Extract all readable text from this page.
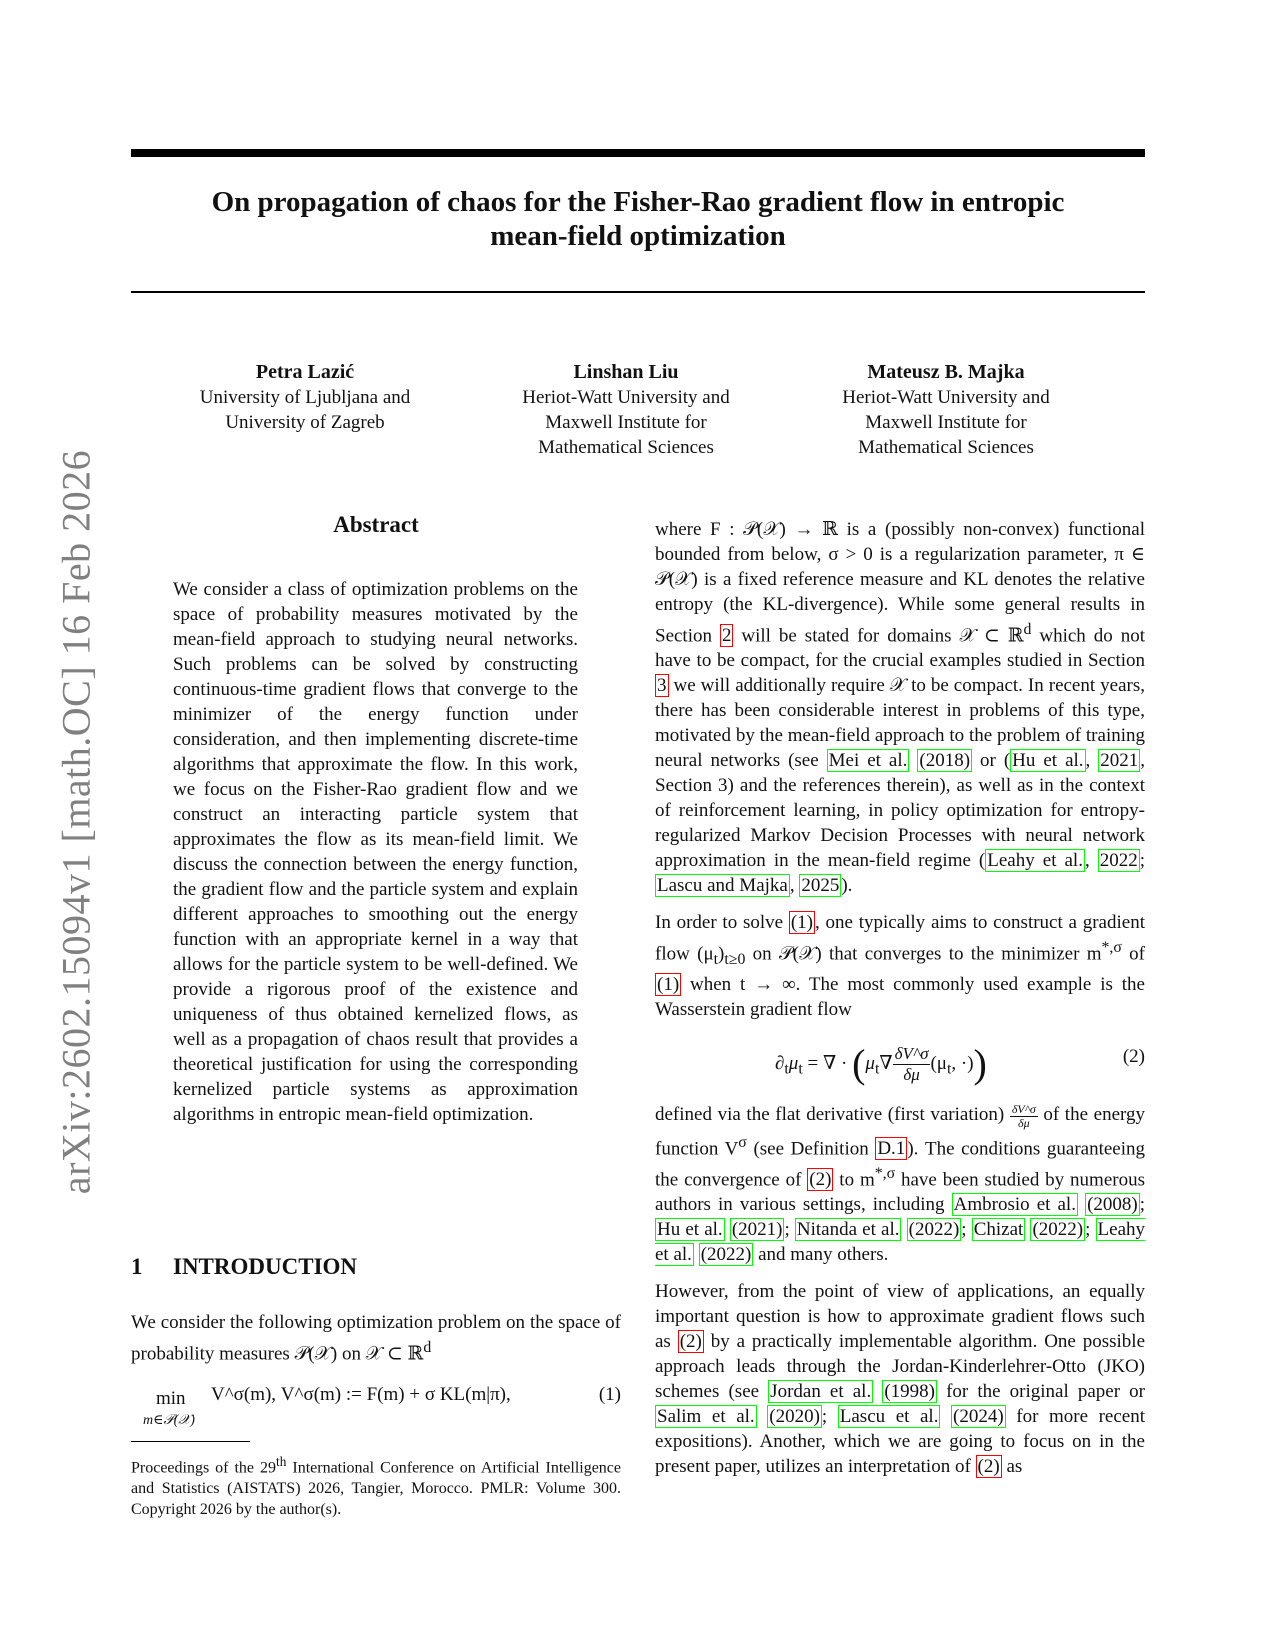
On propagation of chaos for the Fisher-Rao gradient flow in entropic
mean-field optimization
arXiv:2602.15094v1 [math.OC] 16 Feb 2026
Petra Lazić
University of Ljubljana and
University of Zagreb
Linshan Liu
Heriot-Watt University and
Maxwell Institute for
Mathematical Sciences
Mateusz B. Majka
Heriot-Watt University and
Maxwell Institute for
Mathematical Sciences
Abstract

We consider a class of optimization problems on the space of probability measures motivated by the mean-field approach to studying neural networks. Such problems can be solved by constructing continuous-time gradient flows that converge to the minimizer of the energy function under consideration, and then implementing discrete-time algorithms that approximate the flow. In this work, we focus on the Fisher-Rao gradient flow and we construct an interacting particle system that approximates the flow as its mean-field limit. We discuss the connection between the energy function, the gradient flow and the particle system and explain different approaches to smoothing out the energy function with an appropriate kernel in a way that allows for the particle system to be well-defined. We provide a rigorous proof of the existence and uniqueness of thus obtained kernelized flows, as well as a propagation of chaos result that provides a theoretical justification for using the corresponding kernelized particle systems as approximation algorithms in entropic mean-field optimization.

1 INTRODUCTION

We consider the following optimization problem on the space of probability measures 𝒫(𝒳) on 𝒳 ⊂ ℝ$^d$

min
m∈𝒫(𝒳)
V^σ(m), V^σ(m) := F(m) + σ KL(m|π),	(1)
Proceedings of the 29th International Conference on Artificial Intelligence and Statistics (AISTATS) 2026, Tangier, Morocco. PMLR: Volume 300. Copyright 2026 by the author(s).

where F : 𝒫(𝒳) → ℝ is a (possibly non-convex) functional bounded from below, σ > 0 is a regularization parameter, π ∈ 𝒫(𝒳) is a fixed reference measure and KL denotes the relative entropy (the KL-divergence). While some general results in Section 2 will be stated for domains 𝒳 ⊂ ℝ$^d$ which do not have to be compact, for the crucial examples studied in Section 3 we will additionally require 𝒳 to be compact. In recent years, there has been considerable interest in problems of this type, motivated by the mean-field approach to the problem of training neural networks (see Mei et al. (2018) or ( Hu et al. , 2021 , Section 3) and the references therein), as well as in the context of reinforcement learning, in policy optimization for entropy-regularized Markov Decision Processes with neural network approximation in the mean-field regime ( Leahy et al. , 2022 ; Lascu and Majka , 2025 ).

In order to solve (1) , one typically aims to construct a gradient flow $(\mu_t)_{t\ge 0}$ on 𝒫(𝒳) that converges to the minimizer $m^{*,\sigma}$ of (1) when t → ∞. The most commonly used example is the Wasserstein gradient flow

$\partial_t\mu_t$ = ∇ · ($\mu_t\nabla \frac{\delta V\^{}\sigma}{\delta\mu} (\mu_t$, ·))	(2)

defined via the flat derivative (first variation) $\frac{\delta V\^{}\sigma}{\delta\mu}$ of the energy function $V^\sigma$ (see Definition D.1 ). The conditions guaranteeing the convergence of (2) to $m^{*,\sigma}$ have been studied by numerous authors in various settings, including Ambrosio et al. (2008) ; Hu et al. (2021) ; Nitanda et al. (2022) ; Chizat (2022) ; Leahy et al. (2022) and many others.

However, from the point of view of applications, an equally important question is how to approximate gradient flows such as (2) by a practically implementable algorithm. One possible approach leads through the Jordan-Kinderlehrer-Otto (JKO) schemes (see Jordan et al. (1998) for the original paper or Salim et al. (2020) ; Lascu et al. (2024) for more recent expositions). Another, which we are going to focus on in the present paper, utilizes an interpretation of (2) as
